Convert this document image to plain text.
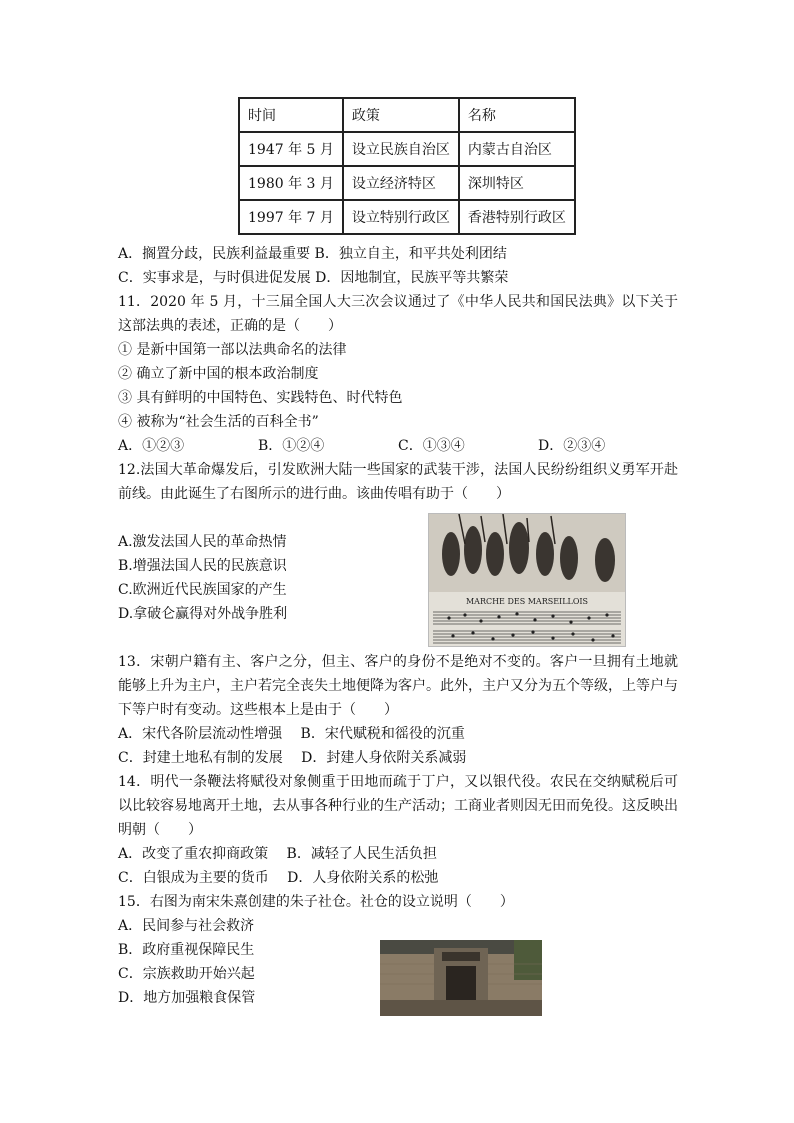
时间	政策	名称
1947 年 5 月	设立民族自治区	内蒙古自治区
1980 年 3 月	设立经济特区	深圳特区
1997 年 7 月	设立特别行政区	香港特别行政区
A．搁置分歧，民族利益最重要 B．独立自主，和平共处利团结
C．实事求是，与时俱进促发展 D．因地制宜，民族平等共繁荣
11．2020 年 5 月，十三届全国人大三次会议通过了《中华人民共和国民法典》以下关于这部法典的表述，正确的是（　　）
① 是新中国第一部以法典命名的法律
② 确立了新中国的根本政治制度
③ 具有鲜明的中国特色、实践特色、时代特色
④ 被称为“社会生活的百科全书”
A．①②③	B．①②④	C．①③④	D．②③④
12.法国大革命爆发后，引发欧洲大陆一些国家的武装干涉，法国人民纷纷组织义勇军开赴前线。由此诞生了右图所示的进行曲。该曲传唱有助于（　　）
A.激发法国人民的革命热情
B.增强法国人民的民族意识
C.欧洲近代民族国家的产生
D.拿破仑赢得对外战争胜利
MARCHE DES MARSEILLOIS
13．宋朝户籍有主、客户之分，但主、客户的身份不是绝对不变的。客户一旦拥有土地就能够上升为主户，主户若完全丧失土地便降为客户。此外，主户又分为五个等级，上等户与下等户时有变动。这些根本上是由于（　　）
A．宋代各阶层流动性增强　 B．宋代赋税和徭役的沉重
C．封建土地私有制的发展　 D．封建人身依附关系减弱
14．明代一条鞭法将赋役对象侧重于田地而疏于丁户，又以银代役。农民在交纳赋税后可以比较容易地离开土地，去从事各种行业的生产活动；工商业者则因无田而免役。这反映出明朝（　　）
A．改变了重农抑商政策　 B．减轻了人民生活负担
C．白银成为主要的货币　 D．人身依附关系的松弛
15．右图为南宋朱熹创建的朱子社仓。社仓的设立说明（　　）
A．民间参与社会救济
B．政府重视保障民生
C．宗族救助开始兴起
D．地方加强粮食保管
